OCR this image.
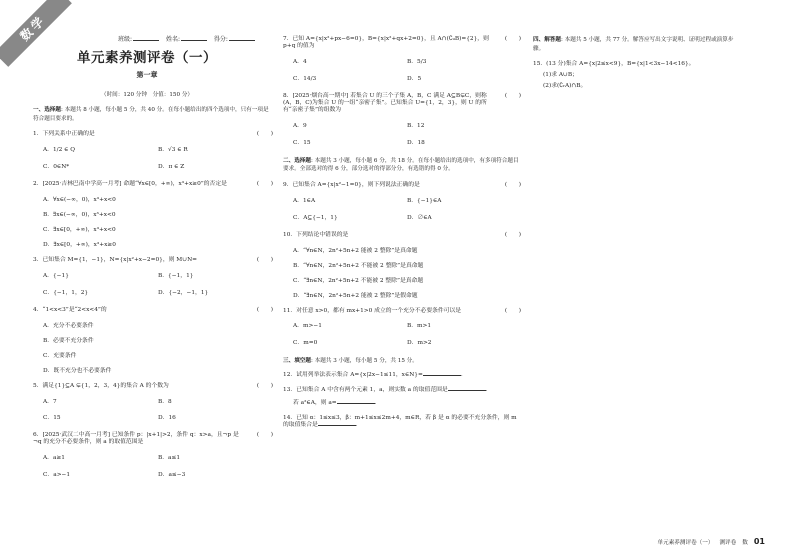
数学	班级:	姓名:	得分:
单元素养测评卷（一）
第一章
（时间：120 分钟　分值：150 分）
一、选择题: 本题共 8 小题，每小题 5 分，共 40 分。在每小题给出的四个选项中，只有一项是符合题目要求的。
1．下列关系中正确的是	(　　)
A．1/2 ∈ Q	B．√3 ∈ R
C．0∈N*	D．π ∈ Z
2．[2025·吉林巴南中学高一月考] 命题“∀x∈[0，+∞)，x³+x≥0”的否定是	(　　)
A．∀x∈(−∞，0)，x³+x<0
B．∃x∈(−∞，0)，x³+x<0
C．∃x∈[0，+∞)，x³+x<0
D．∃x∈[0，+∞)，x³+x≥0
3．已知集合 M={1，−1}，N={x|x²+x−2=0}，则 M∪N=	(　　)
A．{−1}	B．{−1，1}
C．{−1，1，2}	D．{−2，−1，1}
4．“1<x<3”是“2<x<4”的	(　　)
A．充分不必要条件
B．必要不充分条件
C．充要条件
D．既不充分也不必要条件
5．满足{1}⊆A ⊊{1，2，3，4}的集合 A 的个数为	(　　)
A．7	B．8
C．15	D．16
6．[2025·武汉二中高一月考] 已知条件 p：|x+1|>2，条件 q：x>a，且¬p 是¬q 的充分不必要条件，则 a 的取值范围是
(　　)
A．a≥1	B．a≤1
C．a>−1	D．a≤−3
7．已知 A={x|x²+px−6=0}，B={x|x²+qx+2=0}，且 A∩(∁ᵤB)={2}，则 p+q 的值为
(　　)
A．4	B．5/3
C．14/3	D．5
8．[2025·烟台高一期中] 若集合 U 的三个子集 A，B，C 满足 A⊆B⊊C，则称(A，B，C)为集合 U 的一组“亲密子集”。已知集合 U={1，2，3}，则 U 的所有“亲密子集”的组数为
(　　)
A．9	B．12
C．15	D．18
二、选择题: 本题共 3 小题，每小题 6 分，共 18 分。在每小题给出的选项中，有多项符合题目要求。全部选对的得 6 分，部分选对的得部分分，有选错的得 0 分。
9．已知集合 A={x|x²−1=0}，则下列说法正确的是	(　　)
A．1∈A	B．{−1}∈A
C．A⊆{−1，1}	D．∅∈A
10．下列结论中错误的是	(　　)
A．“∀n∈N，2n²+5n+2 能被 2 整除”是真命题
B．“∀n∈N，2n²+5n+2 不能被 2 整除”是真命题
C．“∃n∈N，2n²+5n+2 不能被 2 整除”是真命题
D．“∃n∈N，2n²+5n+2 能被 2 整除”是假命题
11．对任意 x>0，都有 mx+1>0 成立的一个充分不必要条件可以是	(　　)
A．m>−1	B．m>1
C．m=0	D．m>2
三、填空题: 本题共 3 小题，每小题 5 分，共 15 分。
12．试用列举法表示集合 A={x|2x−1≤11，x∈N}=	.
13．已知集合 A 中含有两个元素 1，a，则实数 a 的取值范围是	.
若 a²∈A，则 a=	.
14．已知 α：1≤x≤3，β：m+1≤x≤2m+4，m∈R，若 β 是 α 的必要不充分条件，则 m 的取值集合是	.
四、解答题: 本题共 5 小题，共 77 分。解答应写出文字说明、证明过程或演算步骤。
15．(13 分)集合 A={x|2≤x<9}，B={x|1<3x−14<16}。
(1)求 A∪B；
(2)求(∁ᵣA)∩B。
单元素养测评卷（一） 测评卷 数 01
